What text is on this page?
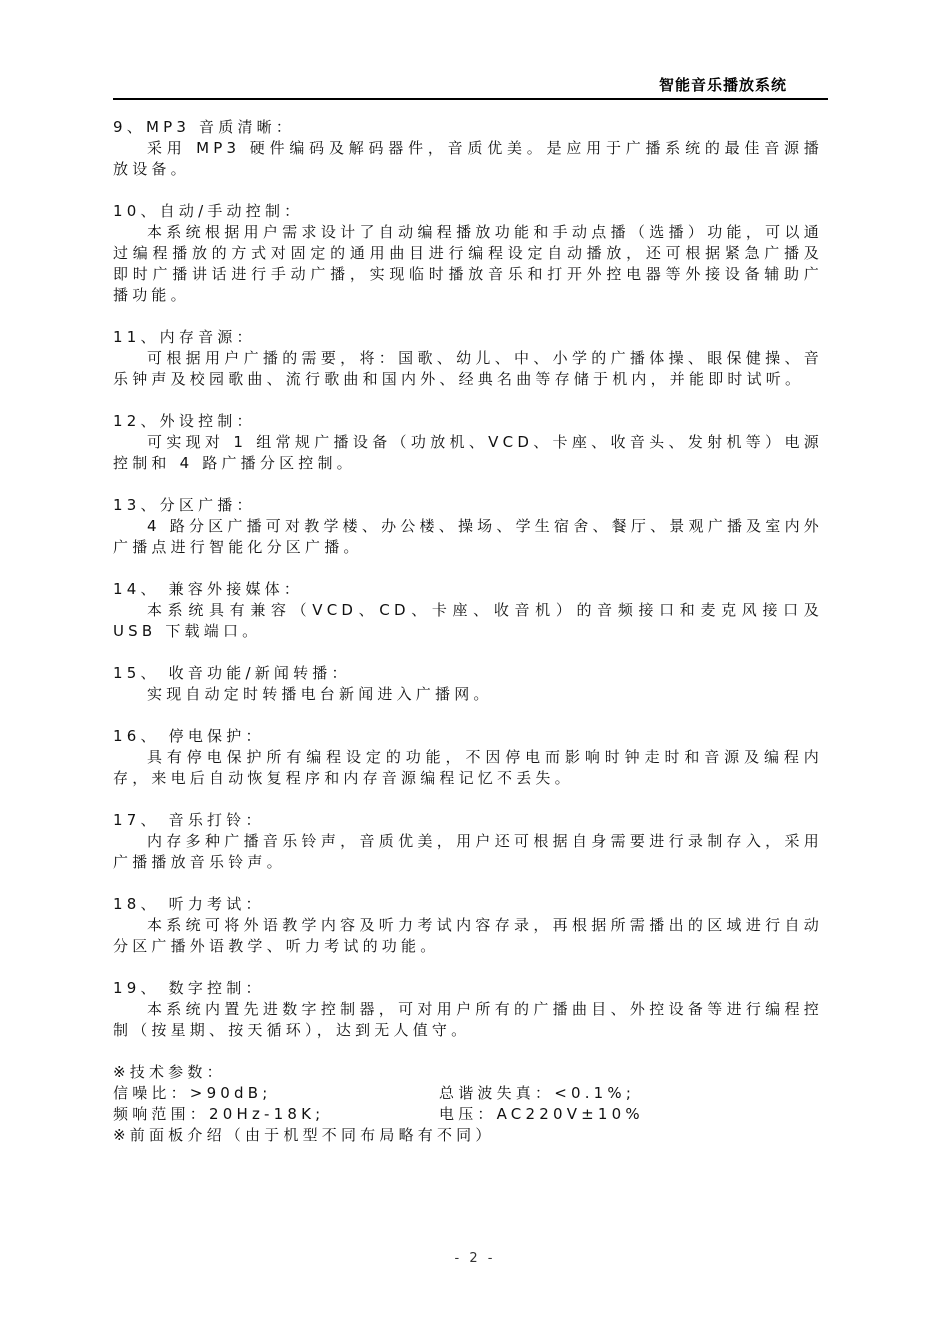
智能音乐播放系统
9、MP3 音质清晰：
采用 MP3 硬件编码及解码器件，音质优美。是应用于广播系统的最佳音源播放设备。
10、自动/手动控制：
本系统根据用户需求设计了自动编程播放功能和手动点播（选播）功能，可以通过编程播放的方式对固定的通用曲目进行编程设定自动播放，还可根据紧急广播及即时广播讲话进行手动广播，实现临时播放音乐和打开外控电器等外接设备辅助广播功能。
11、内存音源：
可根据用户广播的需要，将：国歌、幼儿、中、小学的广播体操、眼保健操、音乐钟声及校园歌曲、流行歌曲和国内外、经典名曲等存储于机内，并能即时试听。
12、外设控制：
可实现对 1 组常规广播设备（功放机、VCD、卡座、收音头、发射机等）电源控制和 4 路广播分区控制。
13、分区广播：
4 路分区广播可对教学楼、办公楼、操场、学生宿舍、餐厅、景观广播及室内外广播点进行智能化分区广播。
14、 兼容外接媒体：
本系统具有兼容（VCD、CD、卡座、收音机）的音频接口和麦克风接口及 USB 下载端口。
15、 收音功能/新闻转播：
实现自动定时转播电台新闻进入广播网。
16、 停电保护：
具有停电保护所有编程设定的功能，不因停电而影响时钟走时和音源及编程内存，来电后自动恢复程序和内存音源编程记忆不丢失。
17、 音乐打铃：
内存多种广播音乐铃声，音质优美，用户还可根据自身需要进行录制存入，采用广播播放音乐铃声。
18、 听力考试：
本系统可将外语教学内容及听力考试内容存录，再根据所需播出的区域进行自动分区广播外语教学、听力考试的功能。
19、 数字控制：
本系统内置先进数字控制器，可对用户所有的广播曲目、外控设备等进行编程控制（按星期、按天循环），达到无人值守。
※技术参数：
信噪比：>90dB;	总谐波失真：<0.1%;
频响范围：20Hz-18K;	电压：AC220V±10%
※前面板介绍（由于机型不同布局略有不同）
- 2 -
